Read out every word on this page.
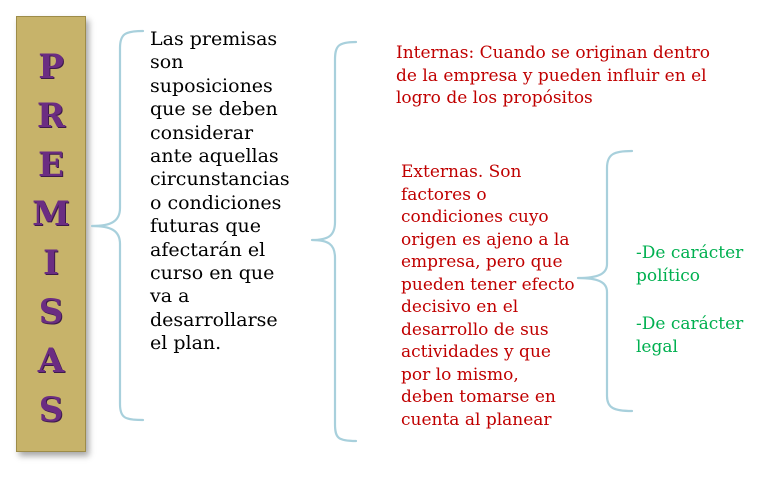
P
R
E
M
I
S
A
S

Las premisas
son
suposiciones
que se deben
considerar
ante aquellas
circunstancias
o condiciones
futuras que
afectarán el
curso en que
va a
desarrollarse
el plan.

Internas: Cuando se originan dentro
de la empresa y pueden influir en el
logro de los propósitos

Externas. Son
factores o
condiciones cuyo
origen es ajeno a la
empresa, pero que
pueden tener efecto
decisivo en el
desarrollo de sus
actividades y que
por lo mismo,
deben tomarse en
cuenta al planear

-De carácter
político

-De carácter
legal
